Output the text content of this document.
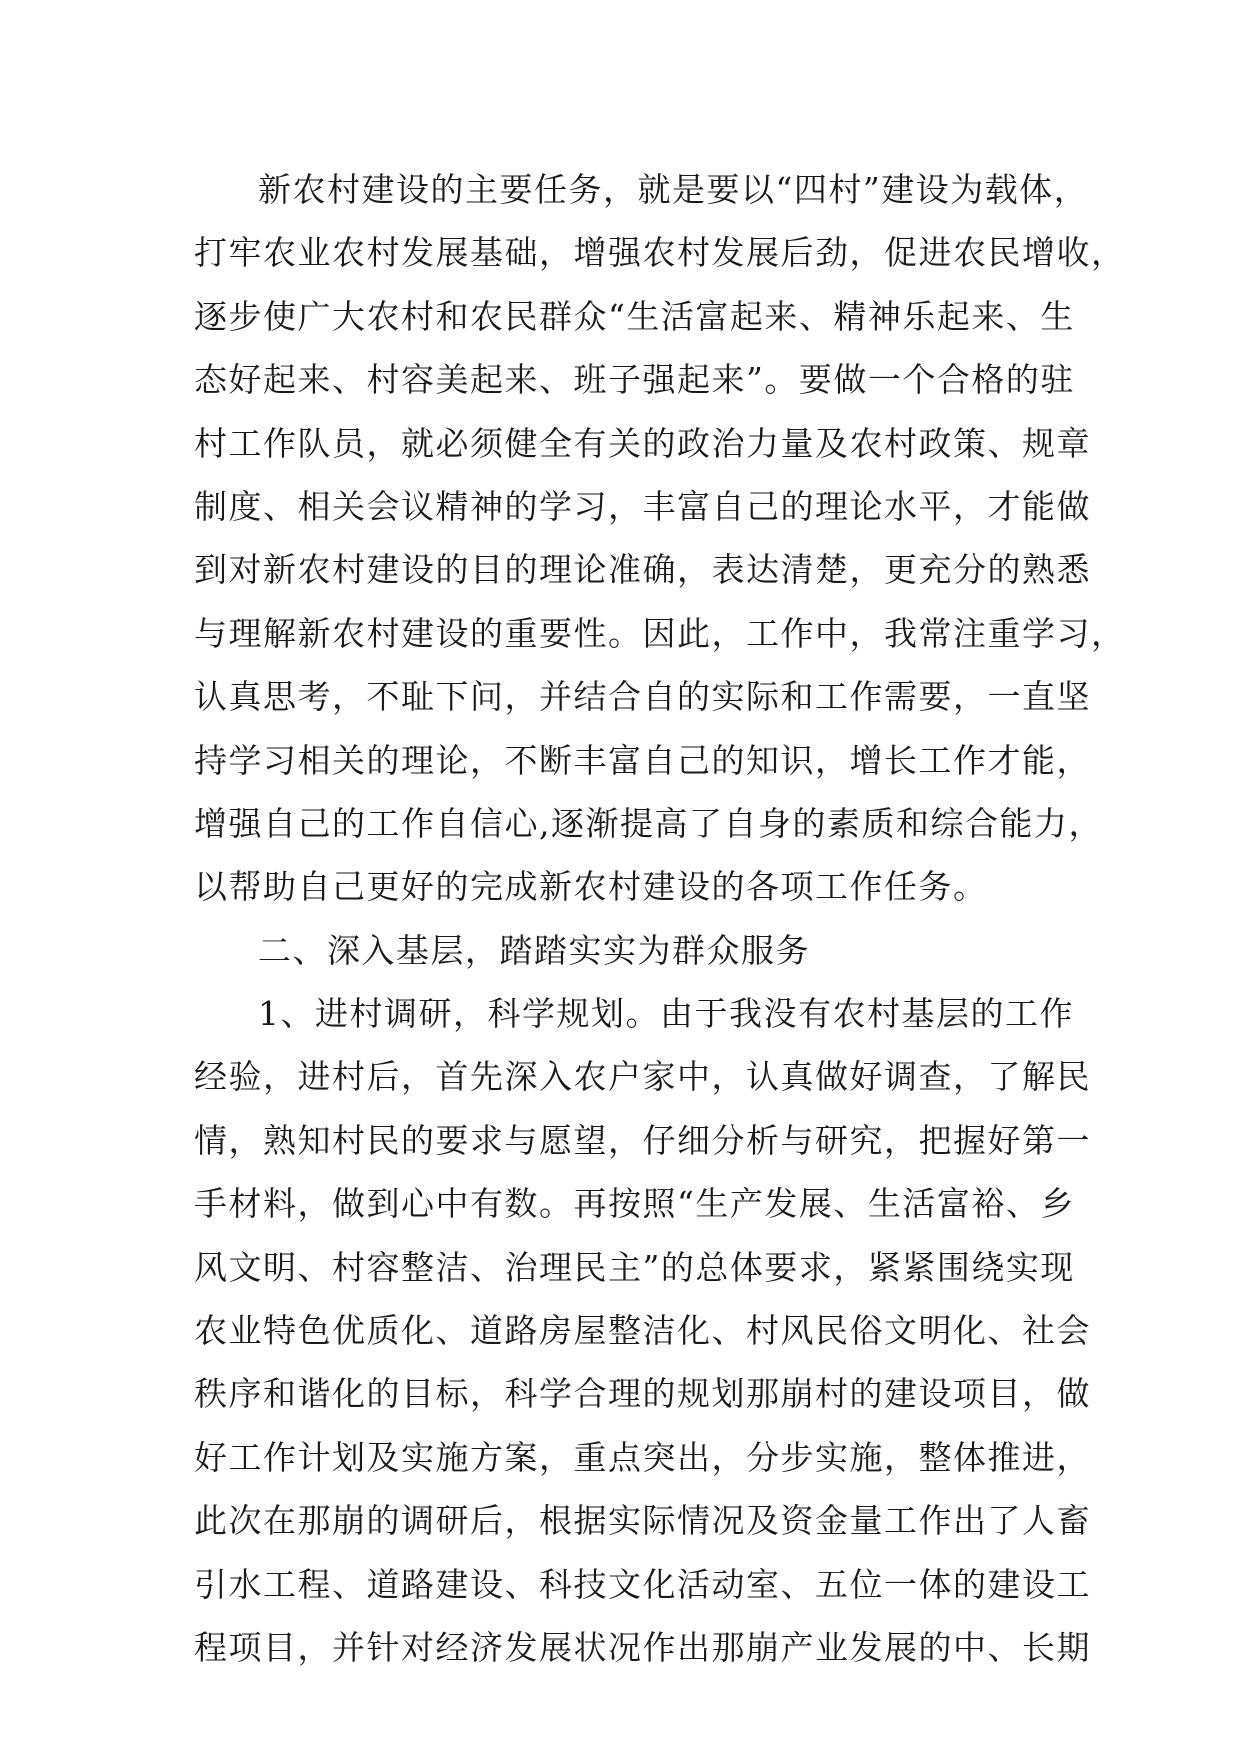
新农村建设的主要任务，就是要以“四村”建设为载体，
打牢农业农村发展基础，增强农村发展后劲，促进农民增收，
逐步使广大农村和农民群众“生活富起来、精神乐起来、生
态好起来、村容美起来、班子强起来”。要做一个合格的驻
村工作队员，就必须健全有关的政治力量及农村政策、规章
制度、相关会议精神的学习，丰富自己的理论水平，才能做
到对新农村建设的目的理论准确，表达清楚，更充分的熟悉
与理解新农村建设的重要性。因此，工作中，我常注重学习，
认真思考，不耻下问，并结合自的实际和工作需要，一直坚
持学习相关的理论，不断丰富自己的知识，增长工作才能，
增强自己的工作自信心,逐渐提高了自身的素质和综合能力，
以帮助自己更好的完成新农村建设的各项工作任务。
二、深入基层，踏踏实实为群众服务
1、进村调研，科学规划。由于我没有农村基层的工作
经验，进村后，首先深入农户家中，认真做好调查，了解民
情，熟知村民的要求与愿望，仔细分析与研究，把握好第一
手材料，做到心中有数。再按照“生产发展、生活富裕、乡
风文明、村容整洁、治理民主”的总体要求，紧紧围绕实现
农业特色优质化、道路房屋整洁化、村风民俗文明化、社会
秩序和谐化的目标，科学合理的规划那崩村的建设项目，做
好工作计划及实施方案，重点突出，分步实施，整体推进，
此次在那崩的调研后，根据实际情况及资金量工作出了人畜
引水工程、道路建设、科技文化活动室、五位一体的建设工
程项目，并针对经济发展状况作出那崩产业发展的中、长期
